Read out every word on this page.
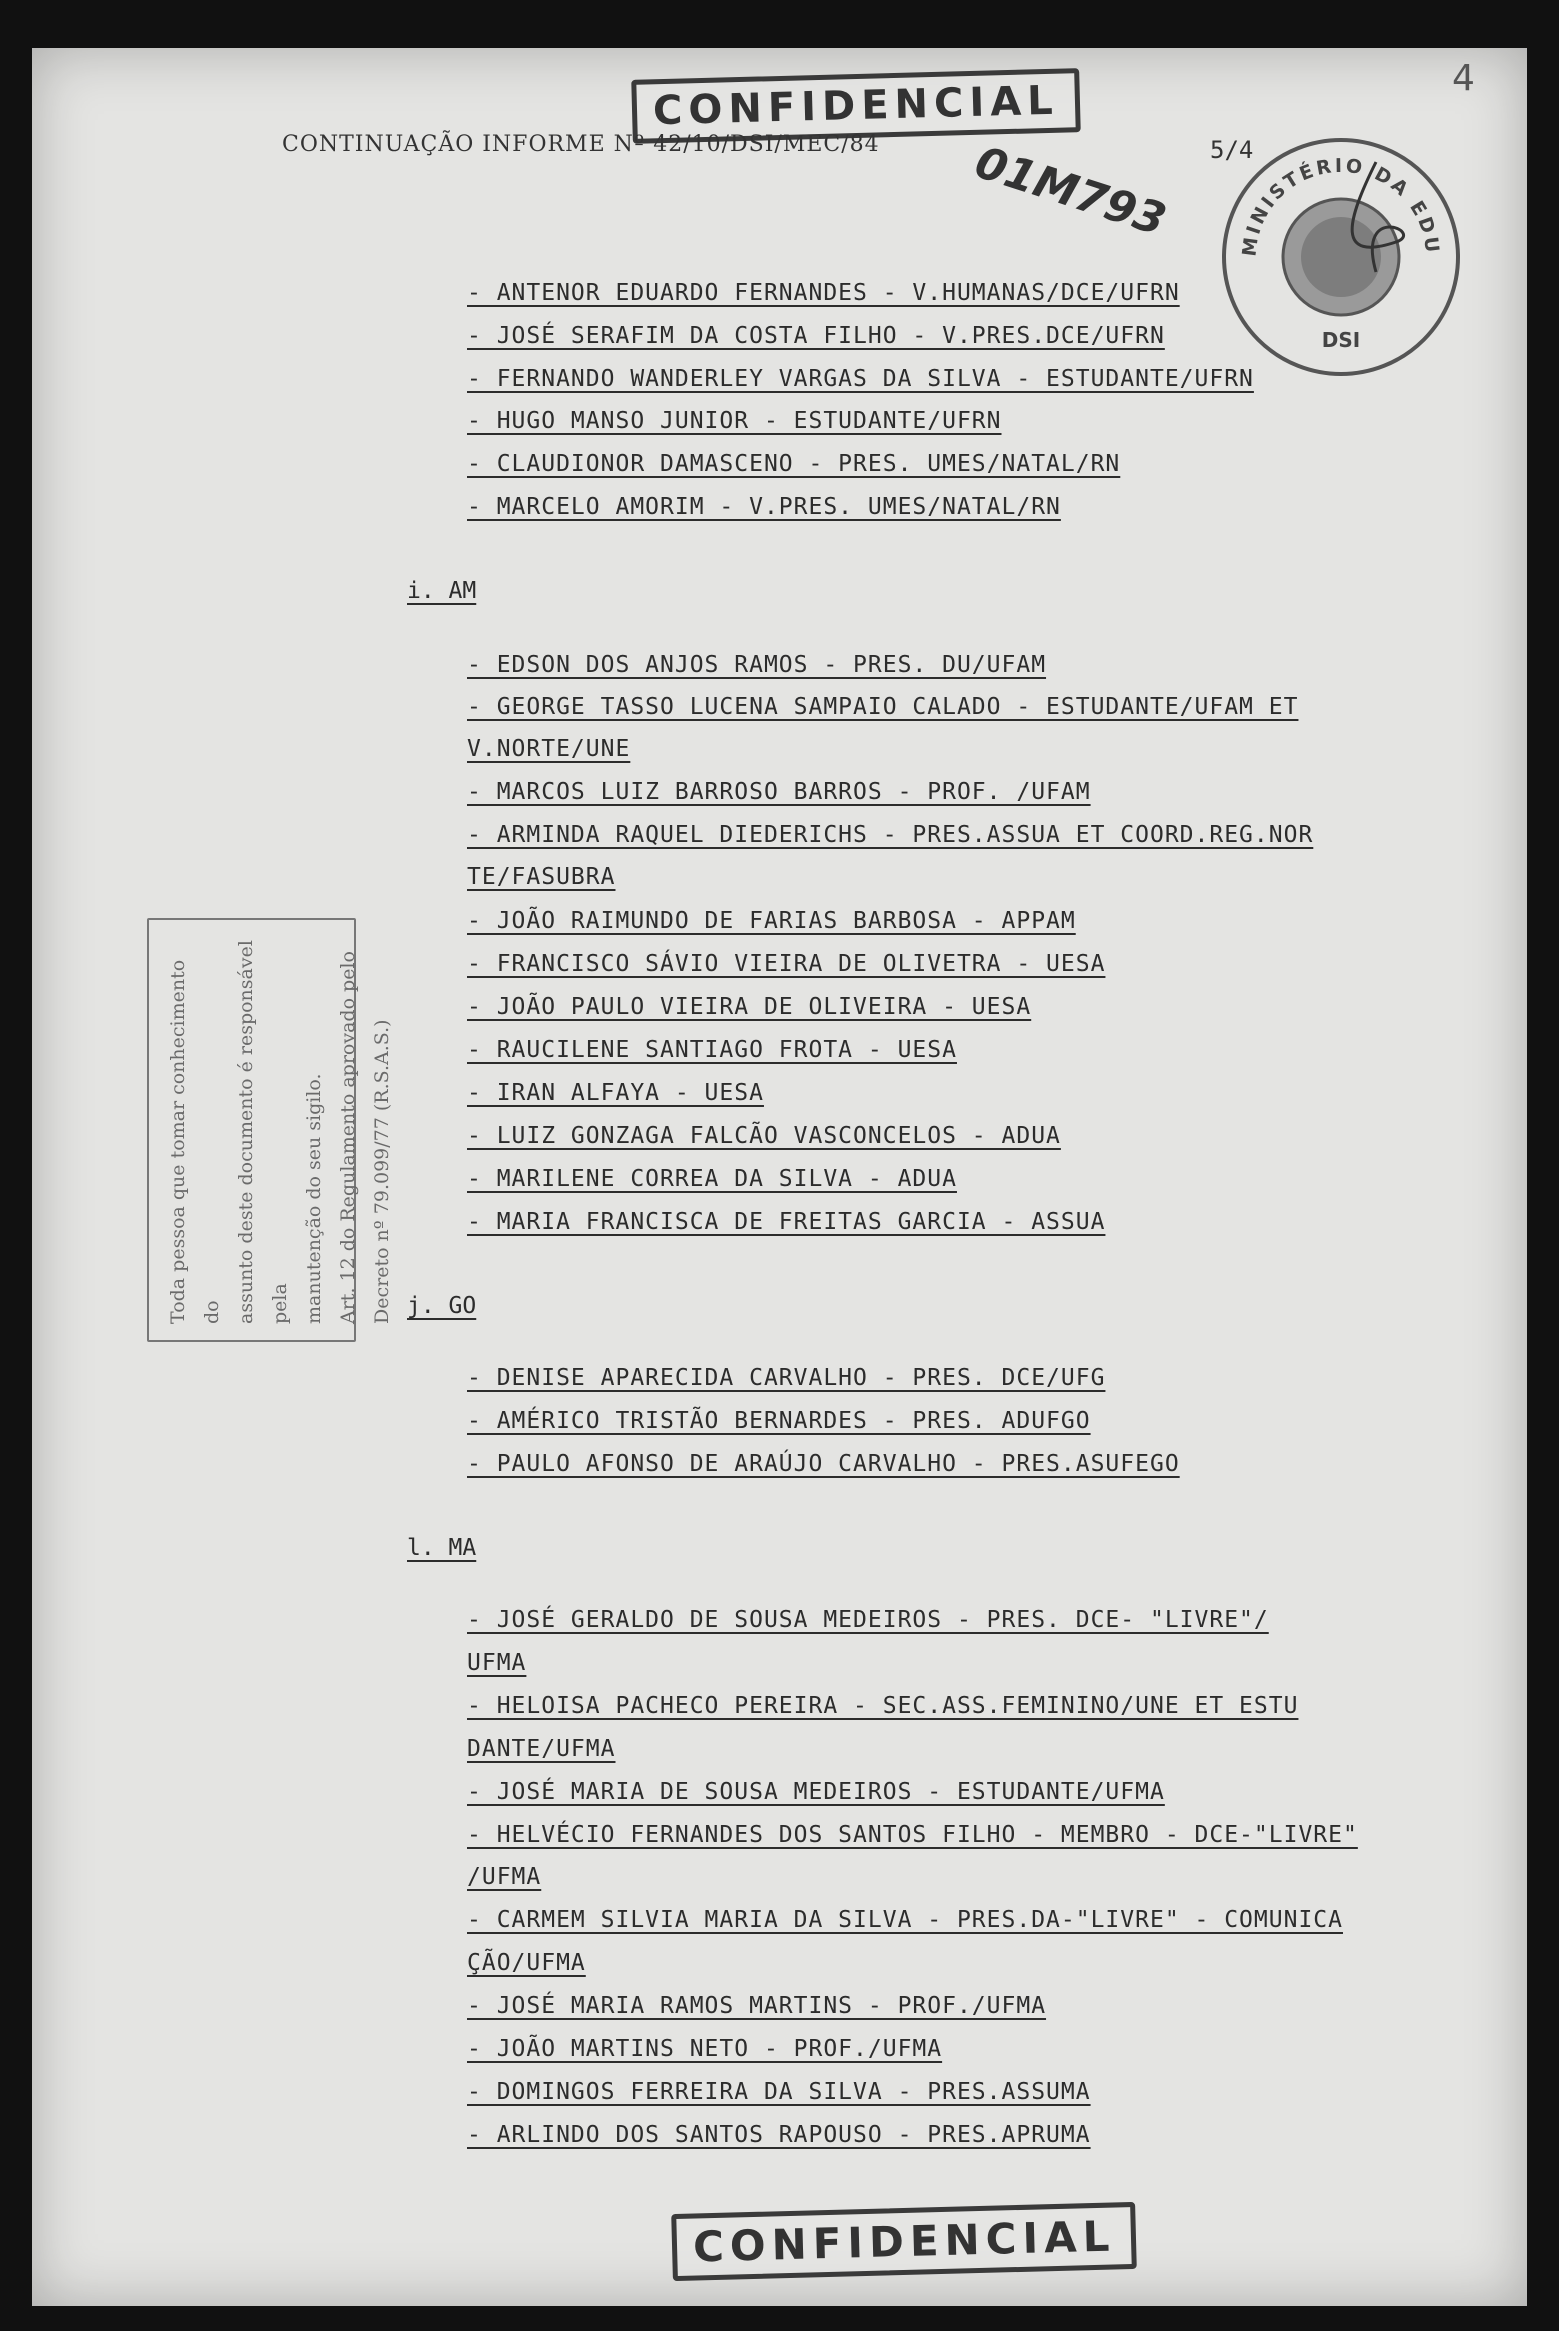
CONFIDENCIAL
CONTINUAÇÃO INFORME Nº 42/10/DSI/MEC/84	5/4
01M793
4
MINISTÉRIO DA EDU
DSI
- ANTENOR EDUARDO FERNANDES - V.HUMANAS/DCE/UFRN
- JOSÉ SERAFIM DA COSTA FILHO - V.PRES.DCE/UFRN
- FERNANDO WANDERLEY VARGAS DA SILVA - ESTUDANTE/UFRN
- HUGO MANSO JUNIOR - ESTUDANTE/UFRN
- CLAUDIONOR DAMASCENO - PRES. UMES/NATAL/RN
- MARCELO AMORIM - V.PRES. UMES/NATAL/RN
i. AM
- EDSON DOS ANJOS RAMOS - PRES. DU/UFAM
- GEORGE TASSO LUCENA SAMPAIO CALADO - ESTUDANTE/UFAM ET
V.NORTE/UNE
- MARCOS LUIZ BARROSO BARROS - PROF. /UFAM
- ARMINDA RAQUEL DIEDERICHS - PRES.ASSUA ET COORD.REG.NOR
TE/FASUBRA
- JOÃO RAIMUNDO DE FARIAS BARBOSA - APPAM
- FRANCISCO SÁVIO VIEIRA DE OLIVETRA - UESA
- JOÃO PAULO VIEIRA DE OLIVEIRA - UESA
- RAUCILENE SANTIAGO FROTA - UESA
- IRAN ALFAYA - UESA
- LUIZ GONZAGA FALCÃO VASCONCELOS - ADUA
- MARILENE CORREA DA SILVA - ADUA
- MARIA FRANCISCA DE FREITAS GARCIA - ASSUA
Toda pessoa que tomar conhecimento do assunto deste documento é responsável pela manutenção do seu sigilo. Art. 12 do Regulamento aprovado pelo Decreto nº 79.099/77 (R.S.A.S.) j. GO
- DENISE APARECIDA CARVALHO - PRES. DCE/UFG
- AMÉRICO TRISTÃO BERNARDES - PRES. ADUFGO
- PAULO AFONSO DE ARAÚJO CARVALHO - PRES.ASUFEGO
l. MA
- JOSÉ GERALDO DE SOUSA MEDEIROS - PRES. DCE- "LIVRE"/
UFMA
- HELOISA PACHECO PEREIRA - SEC.ASS.FEMININO/UNE ET ESTU
DANTE/UFMA
- JOSÉ MARIA DE SOUSA MEDEIROS - ESTUDANTE/UFMA
- HELVÉCIO FERNANDES DOS SANTOS FILHO - MEMBRO - DCE-"LIVRE"
/UFMA
- CARMEM SILVIA MARIA DA SILVA - PRES.DA-"LIVRE" - COMUNICA
ÇÃO/UFMA
- JOSÉ MARIA RAMOS MARTINS - PROF./UFMA
- JOÃO MARTINS NETO - PROF./UFMA
- DOMINGOS FERREIRA DA SILVA - PRES.ASSUMA
- ARLINDO DOS SANTOS RAPOUSO - PRES.APRUMA
CONFIDENCIAL
